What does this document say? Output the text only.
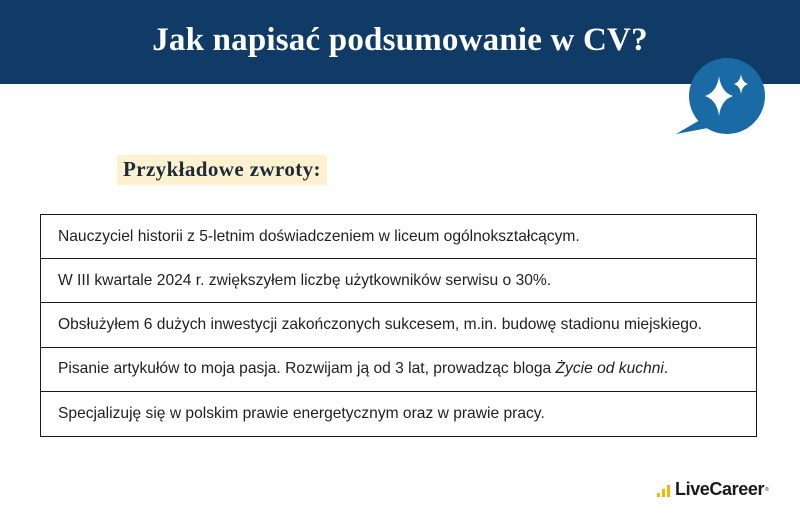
Jak napisać podsumowanie w CV?
Przykładowe zwroty:
Nauczyciel historii z 5-letnim doświadczeniem w liceum ogólnokształcącym.
W III kwartale 2024 r. zwiększyłem liczbę użytkowników serwisu o 30%.
Obsłużyłem 6 dużych inwestycji zakończonych sukcesem, m.in. budowę stadionu miejskiego.
Pisanie artykułów to moja pasja. Rozwijam ją od 3 lat, prowadząc bloga
Życie od kuchni .
Specjalizuję się w polskim prawie energetycznym oraz w prawie pracy.
LiveCareer ®
